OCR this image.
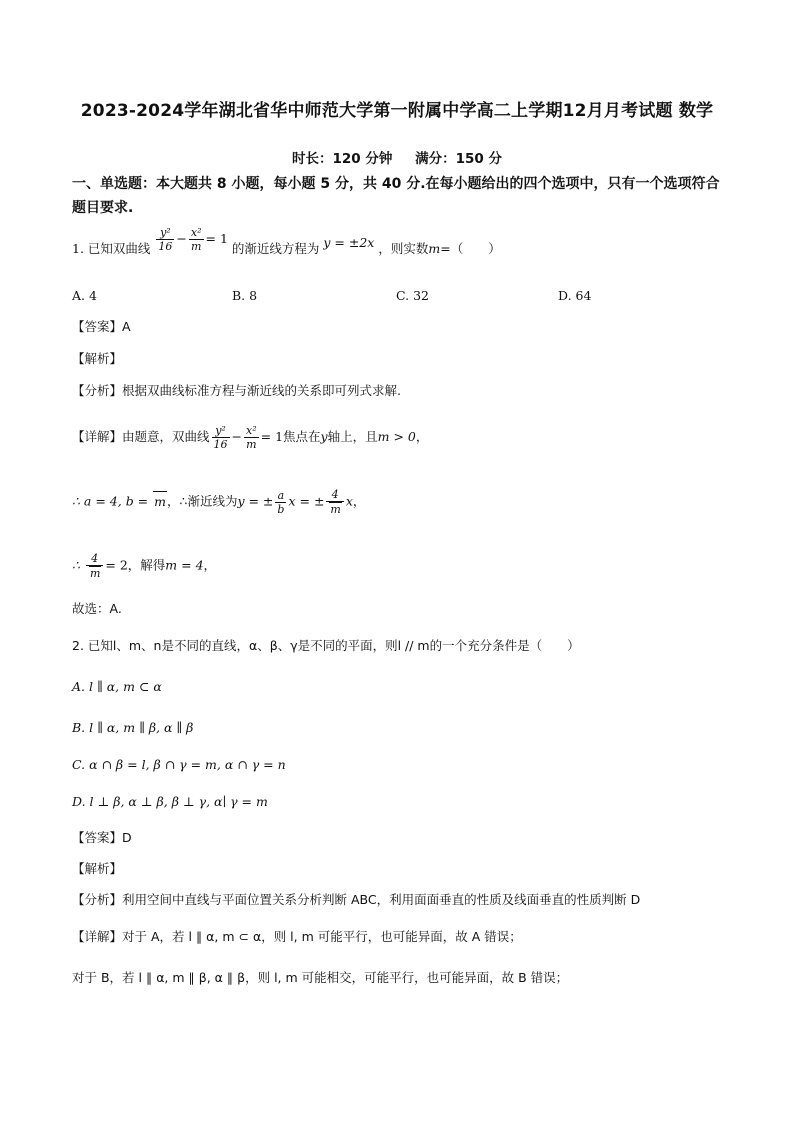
2023-2024学年湖北省华中师范大学第一附属中学高二上学期12月月考试题 数学
时长：120 分钟 满分：150 分
一、单选题：本大题共 8 小题，每小题 5 分，共 40 分.在每小题给出的四个选项中，只有一个选项符合题目要求.
1. 已知双曲线 $\frac{\text{y²}}{16} - \frac{\text{x²}}{m} = 1$ 的渐近线方程为 y = ±2x ，则实数m=（　　）
A. 4	B. 8	C. 32	D. 64
【答案】A
【解析】
【分析】根据双曲线标准方程与渐近线的关系即可列式求解.
【详解】由题意，双曲线 $\frac{\text{y²}}{16} - \frac{\text{x²}}{m} = 1$焦点在y轴上，且m > 0，
∴ a = 4, b = m，∴渐近线为y = ± $\frac{a}{b}$ x = ± $\frac{4}{m}$ x，
∴ $\frac{4}{m} = 2$，解得m = 4，
故选：A.
2. 已知l、m、n是不同的直线，α、β、γ是不同的平面，则l // m的一个充分条件是（　　）
A. l ∥ α, m ⊂ α
B. l ∥ α, m ∥ β, α ∥ β
C. α ∩ β = l, β ∩ γ = m, α ∩ γ = n
D. l ⊥ β, α ⊥ β, β ⊥ γ, α∣ γ = m
【答案】D
【解析】
【分析】利用空间中直线与平面位置关系分析判断 ABC，利用面面垂直的性质及线面垂直的性质判断 D
【详解】对于 A，若 l ∥ α, m ⊂ α，则 l, m 可能平行，也可能异面，故 A 错误；
对于 B，若 l ∥ α, m ∥ β, α ∥ β，则 l, m 可能相交，可能平行，也可能异面，故 B 错误；
